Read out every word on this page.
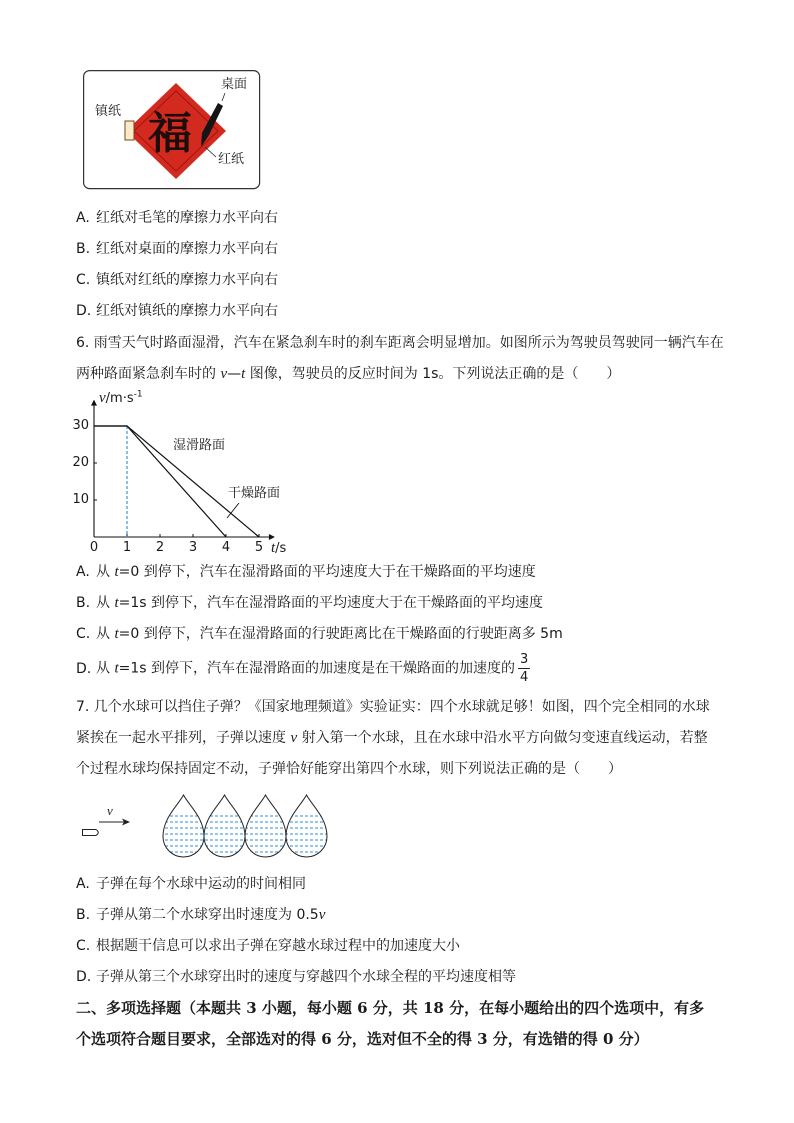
福
镇纸
桌面
红纸
A. 红纸对毛笔的摩擦力水平向右
B. 红纸对桌面的摩擦力水平向右
C. 镇纸对红纸的摩擦力水平向右
D. 红纸对镇纸的摩擦力水平向右
6. 雨雪天气时路面湿滑，汽车在紧急刹车时的刹车距离会明显增加。如图所示为驾驶员驾驶同一辆汽车在
两种路面紧急刹车时的 v—t 图像，驾驶员的反应时间为 1s。下列说法正确的是（　　）
$v/m\cdot s^{-1}$
t/s
0	1	2	3	4	5
10
20
30
湿滑路面
干燥路面
A. 从 t=0 到停下，汽车在湿滑路面的平均速度大于在干燥路面的平均速度
B. 从 t=1s 到停下，汽车在湿滑路面的平均速度大于在干燥路面的平均速度
C. 从 t=0 到停下，汽车在湿滑路面的行驶距离比在干燥路面的行驶距离多 5m
D. 从 t=1s 到停下，汽车在湿滑路面的加速度是在干燥路面的加速度的 $\frac{3}{4}$
7. 几个水球可以挡住子弹？《国家地理频道》实验证实：四个水球就足够！如图，四个完全相同的水球
紧挨在一起水平排列，子弹以速度 v 射入第一个水球，且在水球中沿水平方向做匀变速直线运动，若整
个过程水球均保持固定不动，子弹恰好能穿出第四个水球，则下列说法正确的是（　　）
v
A. 子弹在每个水球中运动的时间相同
B. 子弹从第二个水球穿出时速度为 0.5v
C. 根据题干信息可以求出子弹在穿越水球过程中的加速度大小
D. 子弹从第三个水球穿出时的速度与穿越四个水球全程的平均速度相等
二、多项选择题（本题共 3 小题，每小题 6 分，共 18 分，在每小题给出的四个选项中，有多
个选项符合题目要求，全部选对的得 6 分，选对但不全的得 3 分，有选错的得 0 分）
